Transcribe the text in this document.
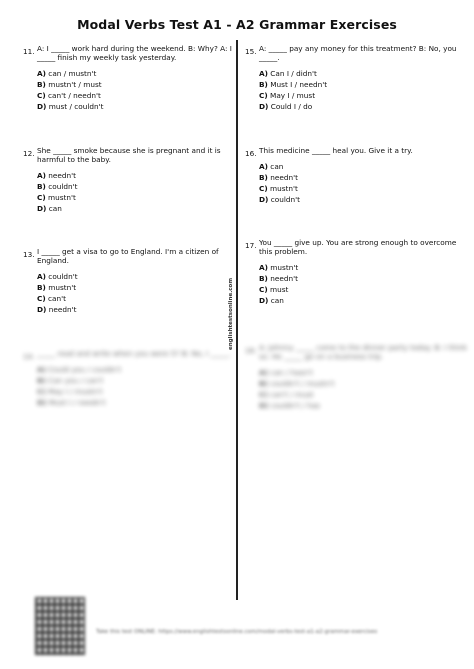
Modal Verbs Test A1 - A2 Grammar Exercises
englishtestsonline.com
11. A: I _____ work hard during the weekend. B: Why? A: I _____ finish my weekly task yesterday.
A) can / mustn't
B) mustn't / must
C) can't / needn't
D) must / couldn't
12. She _____ smoke because she is pregnant and it is harmful to the baby.
A) needn't
B) couldn't
C) mustn't
D) can
13. I _____ get a visa to go to England. I'm a citizen of England.
A) couldn't
B) mustn't
C) can't
D) needn't
14. _____ read and write when you were 5? B: No, I _____.
A) Could you / couldn't
B) Can you / can't
C) May I / mustn't
D) Must I / needn't
15. A: _____ pay any money for this treatment? B: No, you _____.
A) Can I / didn't
B) Must I / needn't
C) May I / must
D) Could I / do
16. This medicine _____ heal you. Give it a try.
A) can
B) needn't
C) mustn't
D) couldn't
17. You _____ give up. You are strong enough to overcome this problem.
A) mustn't
B) needn't
C) must
D) can
18. A: Johnny _____ come to the dinner party today. B: I think so. He _____ go on a business trip.
A) can / hasn't
B) couldn't / mustn't
C) can't / must
D) couldn't / has
Take this test ONLINE: https://www.englishtestsonline.com/modal-verbs-test-a1-a2-grammar-exercises
